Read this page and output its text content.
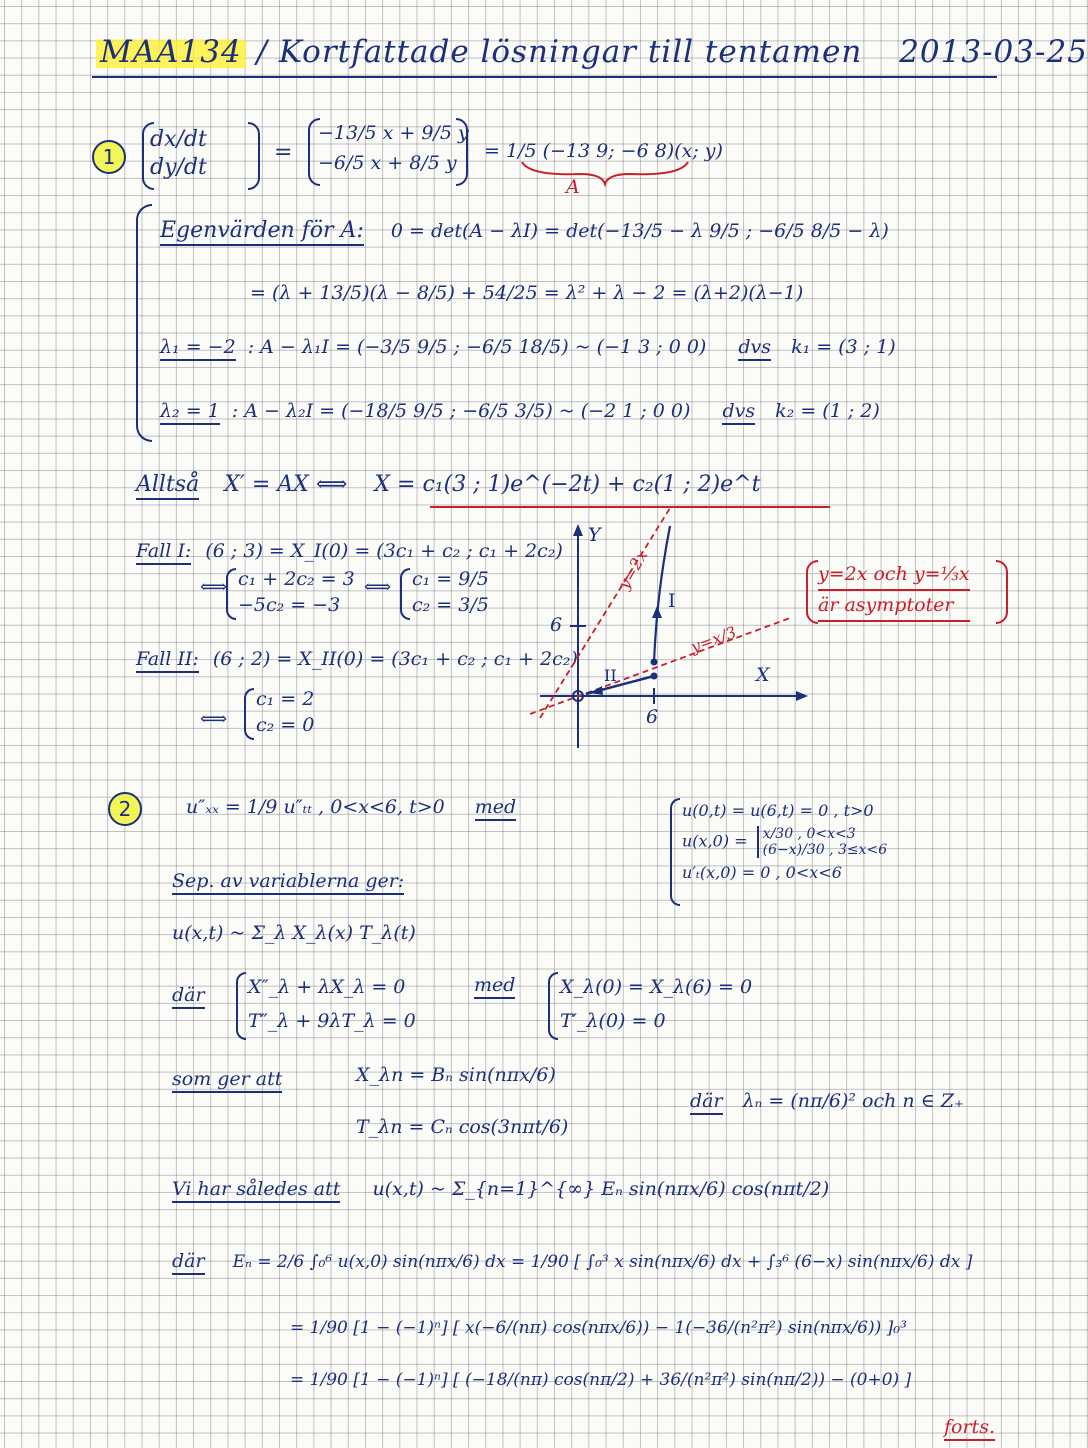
MAA134 / Kortfattade lösningar till tentamen 2013-03-25
1
dx/dt
dy/dt
=
−13/5 x + 9/5 y
−6/5 x + 8/5 y
= 1/5 (−13 9; −6 8)(x; y)
A
Egenvärden för A: 0 = det(A − λI) = det(−13/5 − λ 9/5 ; −6/5 8/5 − λ)
= (λ + 13/5)(λ − 8/5) + 54/25 = λ² + λ − 2 = (λ+2)(λ−1)
λ₁ = −2 : A − λ₁I = (−3/5 9/5 ; −6/5 18/5) ~ (−1 3 ; 0 0) dvs k₁ = (3 ; 1)
λ₂ = 1 : A − λ₂I = (−18/5 9/5 ; −6/5 3/5) ~ (−2 1 ; 0 0) dvs k₂ = (1 ; 2)
Alltså X′ = AX ⟺ X = c₁(3 ; 1)e^(−2t) + c₂(1 ; 2)e^t
Fall I: (6 ; 3) = X_I(0) = (3c₁ + c₂ ; c₁ + 2c₂)
⟺ c₁ + 2c₂ = 3
−5c₂ = −3
⟺ c₁ = 9/5
c₂ = 3/5
Fall II: (6 ; 2) = X_II(0) = (3c₁ + c₂ ; c₁ + 2c₂)
⟺
c₁ = 2
c₂ = 0
Y
X
6
6
y=2x
y=x/3
I
II
y=2x och y=⅓x
är asymptoter
2	u″ₓₓ = 1/9 u″ₜₜ , 0<x<6, t>0 med	u(0,t) = u(6,t) = 0 , t>0
u(x,0) = x/30 , 0<x<3
(6−x)/30 , 3≤x<6
u′ₜ(x,0) = 0 , 0<x<6
Sep. av variablerna ger:
u(x,t) ~ Σ_λ X_λ(x) T_λ(t)
där X″_λ + λX_λ = 0
T″_λ + 9λT_λ = 0
med X_λ(0) = X_λ(6) = 0
T′_λ(0) = 0
som ger att	X_λn = Bₙ sin(nπx/6)
T_λn = Cₙ cos(3nπt/6)
där λₙ = (nπ/6)² och n ∈ Z₊
Vi har således att u(x,t) ~ Σ_{n=1}^{∞} Eₙ sin(nπx/6) cos(nπt/2)
där Eₙ = 2/6 ∫₀⁶ u(x,0) sin(nπx/6) dx = 1/90 [ ∫₀³ x sin(nπx/6) dx + ∫₃⁶ (6−x) sin(nπx/6) dx ]
= 1/90 [1 − (−1)ⁿ] [ x(−6/(nπ) cos(nπx/6)) − 1(−36/(n²π²) sin(nπx/6)) ]₀³
= 1/90 [1 − (−1)ⁿ] [ (−18/(nπ) cos(nπ/2) + 36/(n²π²) sin(nπ/2)) − (0+0) ]
forts.
